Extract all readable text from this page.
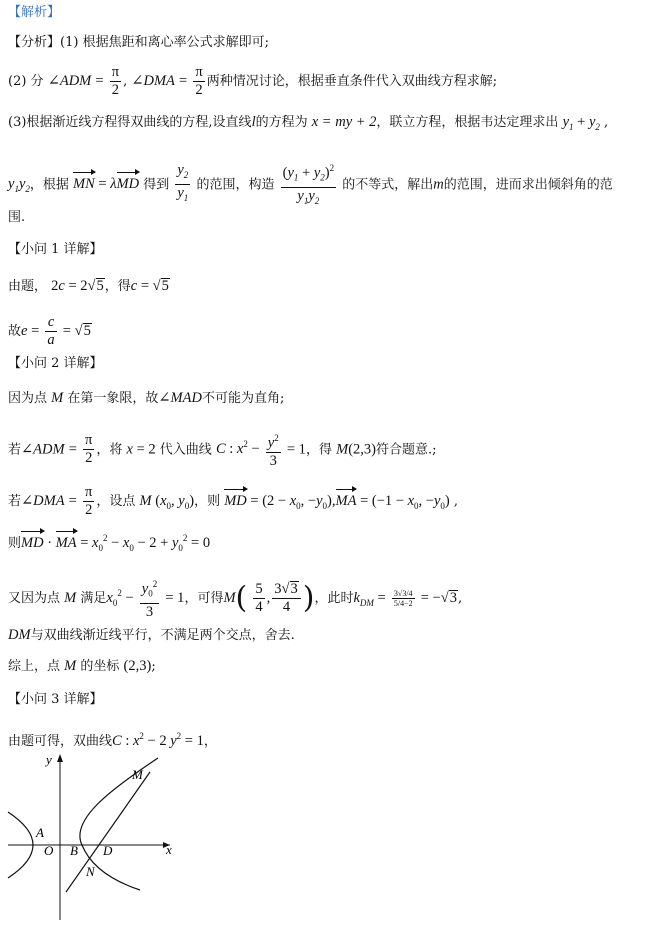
【解析】
【分析】(1) 根据焦距和离心率公式求解即可;
(2) 分 ∠ADM = $\frac{\pi}{2}$ , ∠DMA = $\frac{\pi}{2}$ 两种情况讨论，根据垂直条件代入双曲线方程求解;
(3)根据渐近线方程得双曲线的方程,设直线l的方程为 x = my + 2，联立方程，根据韦达定理求出 $y_1 + y_2$ ,
$y_1y_2$，根据 MN = λMD 得到 $\frac{y_2}{y_1}$ 的范围，构造 $\frac{(y_1 + y_2)^2}{y_1y_2}$ 的不等式，解出m的范围，进而求出倾斜角的范
围.
【小问 1 详解】
由题， 2c = 2√5，得c = √5
故$e = \frac{c}{a} = √5$
【小问 2 详解】
因为点 M 在第一象限，故∠MAD不可能为直角;
若∠ADM = $\frac{\pi}{2}$ ，将 x = 2 代入曲线 C : $x^2 - \frac{y^2}{3} = 1$，得 M(2,3)符合题意.;
若∠DMA = $\frac{\pi}{2}$ ，设点 M ($x_0$, $y_0$)，则 MD = ($2 - x_0$, $-y_0),MA = (-1 - x_0$, $-y_0$) ,
则MD · MA = $x_0^2 - x_0 - 2 + y_0^2 = 0$
又因为点 M 满足$x_0^2 - \frac{y_0^2}{3} = 1$，可得$M( \frac{5}{4}$ , $\frac{3√3}{4}$ )，此时$k_{DM} = \frac{3√3/4}{5/4-2} = -√3$,
DM与双曲线渐近线平行，不满足两个交点，舍去.
综上，点 M 的坐标 (2,3);
【小问 3 详解】
由题可得，双曲线C : $x^2 - 2$ $y^2 = 1$，
y
x
M
A
O B D
N
